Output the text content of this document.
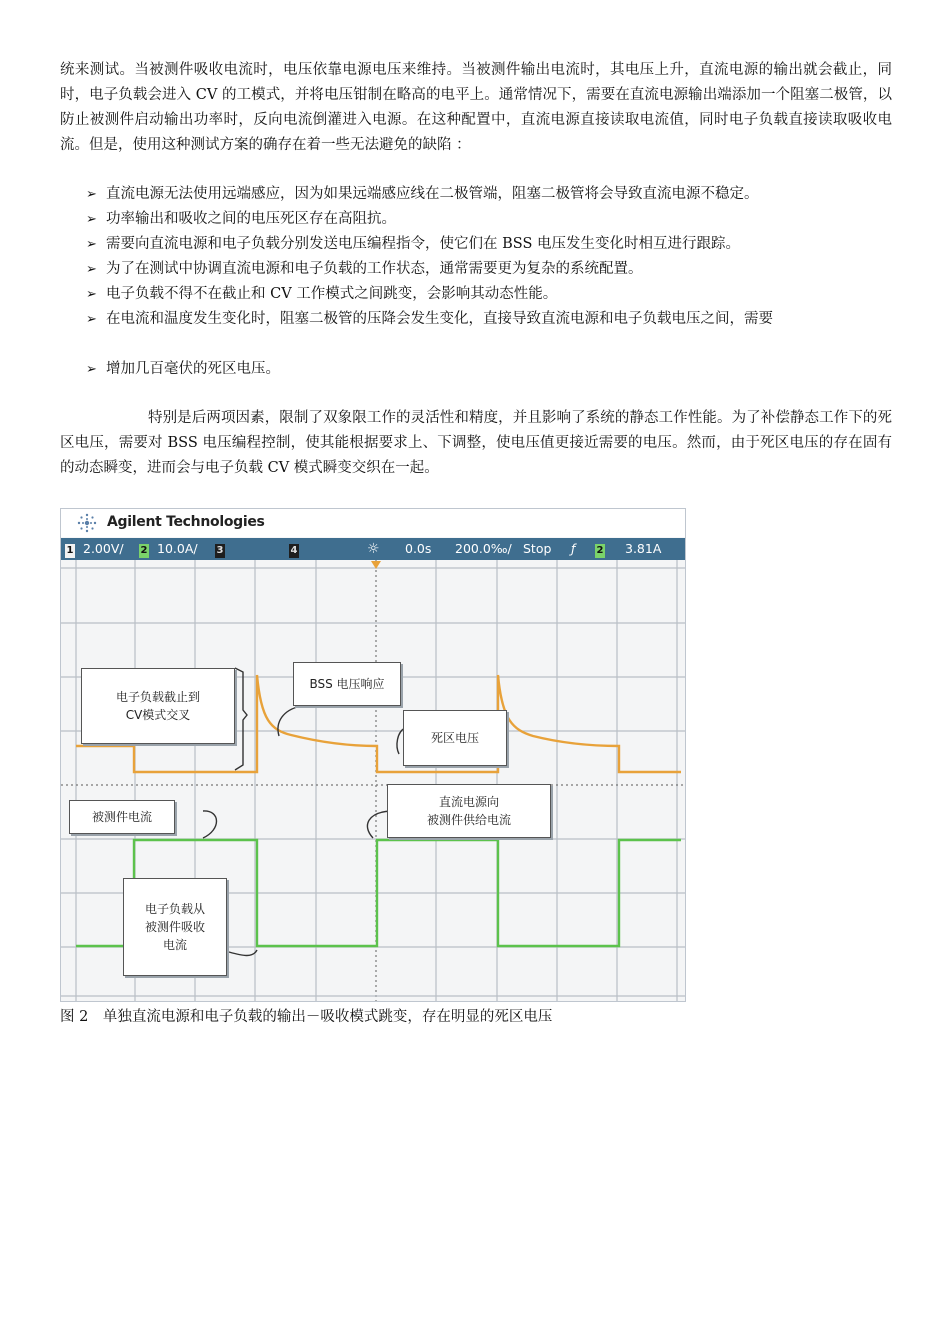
统来测试。当被测件吸收电流时，电压依靠电源电压来维持。当被测件输出电流时，其电压上升，直流电源的输出就会截止，同时，电子负载会进入 CV 的工模式，并将电压钳制在略高的电平上。通常情况下，需要在直流电源输出端添加一个阻塞二极管，以防止被测件启动输出功率时，反向电流倒灌进入电源。在这种配置中，直流电源直接读取电流值，同时电子负载直接读取吸收电流。但是，使用这种测试方案的确存在着一些无法避免的缺陷 ：

➢ 直流电源无法使用远端感应，因为如果远端感应线在二极管端，阻塞二极管将会导致直流电源不稳定。
➢ 功率输出和吸收之间的电压死区存在高阻抗。
➢ 需要向直流电源和电子负载分别发送电压编程指令，使它们在 BSS 电压发生变化时相互进行跟踪。
➢ 为了在测试中协调直流电源和电子负载的工作状态，通常需要更为复杂的系统配置。
➢ 电子负载不得不在截止和 CV 工作模式之间跳变，会影响其动态性能。
➢ 在电流和温度发生变化时，阻塞二极管的压降会发生变化，直接导致直流电源和电子负载电压之间，需要
➢ 增加几百毫伏的死区电压。

特别是后两项因素，限制了双象限工作的灵活性和精度，并且影响了系统的静态工作性能。为了补偿静态工作下的死区电压，需要对 BSS 电压编程控制，使其能根据要求上、下调整，使电压值更接近需要的电压。然而，由于死区电压的存在固有的动态瞬变，进而会与电子负载 CV 模式瞬变交织在一起。

Agilent Technologies
1 2.00V/ 2 10.0A/ 3	4	☼ 0.0s 200.0‰/ Stop ƒ 2 3.81A
电子负载截止到
CV模式交叉
BSS 电压响应
死区电压
被测件电流
直流电源向
被测件供给电流
电子负载从
被测件吸收
电流
图 2　单独直流电源和电子负载的输出－吸收模式跳变，存在明显的死区电压
